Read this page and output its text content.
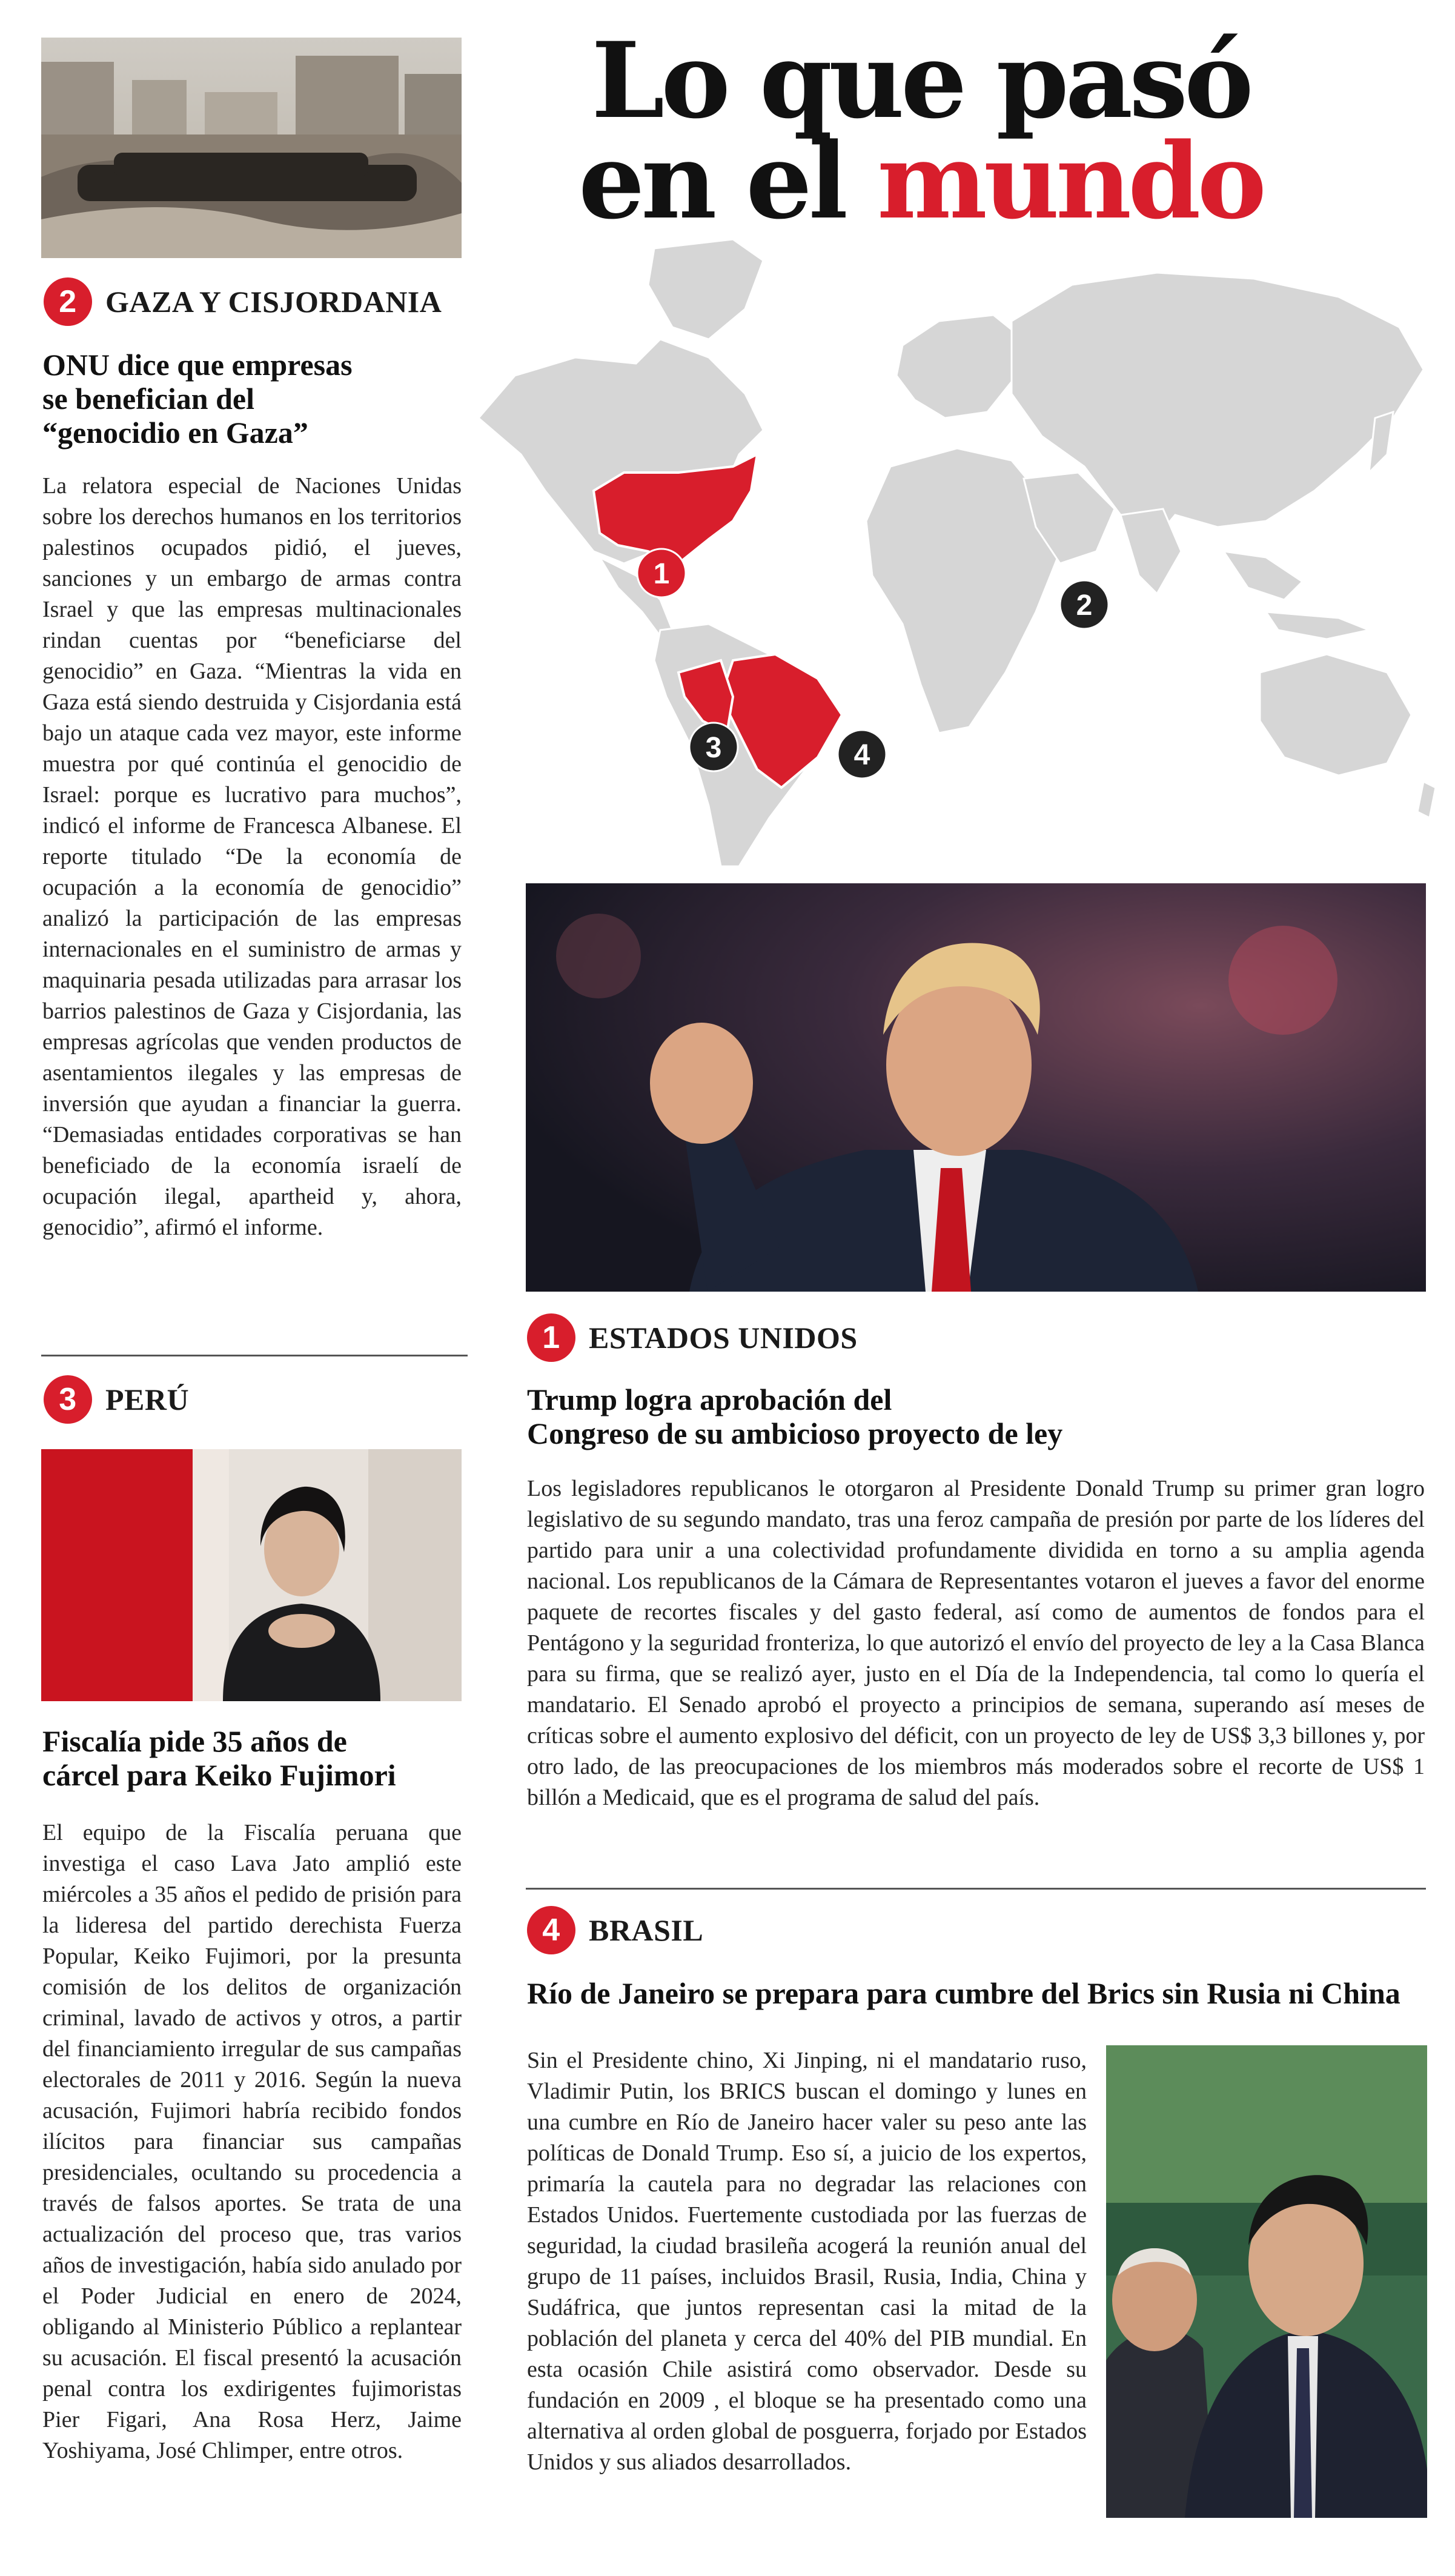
2 GAZA Y CISJORDANIA
ONU dice que empresas
se benefician del
“genocidio en Gaza”
La relatora especial de Naciones Unidas sobre los derechos humanos en los territorios palestinos ocupados pidió, el jueves, sanciones y un embargo de armas contra Israel y que las empresas multinacionales rindan cuentas por “beneficiarse del genocidio” en Gaza. “Mientras la vida en Gaza está siendo destruida y Cisjordania está bajo un ataque cada vez mayor, este informe muestra por qué continúa el genocidio de Israel: porque es lucrativo para muchos”, indicó el informe de Francesca Albanese. El reporte titulado “De la economía de ocupación a la economía de genocidio” analizó la participación de las empresas internacionales en el suministro de armas y maquinaria pesada utilizadas para arrasar los barrios palestinos de Gaza y Cisjordania, las empresas agrícolas que venden productos de asentamientos ilegales y las empresas de inversión que ayudan a financiar la guerra. “Demasiadas entidades corporativas se han beneficiado de la economía israelí de ocupación ilegal, apartheid y, ahora, genocidio”, afirmó el informe.
3 PERÚ
Fiscalía pide 35 años de
cárcel para Keiko Fujimori
El equipo de la Fiscalía peruana que investiga el caso Lava Jato amplió este miércoles a 35 años el pedido de prisión para la lideresa del partido derechista Fuerza Popular, Keiko Fujimori, por la presunta comisión de los delitos de organización criminal, lavado de activos y otros, a partir del financiamiento irregular de sus campañas electorales de 2011 y 2016. Según la nueva acusación, Fujimori habría recibido fondos ilícitos para financiar sus campañas presidenciales, ocultando su procedencia a través de falsos aportes. Se trata de una actualización del proceso que, tras varios años de investigación, había sido anulado por el Poder Judicial en enero de 2024, obligando al Ministerio Público a replantear su acusación. El fiscal presentó la acusación penal contra los exdirigentes fujimoristas Pier Figari, Ana Rosa Herz, Jaime Yoshiyama, José Chlimper, entre otros.
Lo que pasó
en el mundo
1
2
3	4
1 ESTADOS UNIDOS
Trump logra aprobación del
Congreso de su ambicioso proyecto de ley
Los legisladores republicanos le otorgaron al Presidente Donald Trump su primer gran logro legislativo de su segundo mandato, tras una feroz campaña de presión por parte de los líderes del partido para unir a una colectividad profundamente dividida en torno a su amplia agenda nacional. Los republicanos de la Cámara de Representantes votaron el jueves a favor del enorme paquete de recortes fiscales y del gasto federal, así como de aumentos de fondos para el Pentágono y la seguridad fronteriza, lo que autorizó el envío del proyecto de ley a la Casa Blanca para su firma, que se realizó ayer, justo en el Día de la Independencia, tal como lo quería el mandatario. El Senado aprobó el proyecto a principios de semana, superando así meses de críticas sobre el aumento explosivo del déficit, con un proyecto de ley de US$ 3,3 billones y, por otro lado, de las preocupaciones de los miembros más moderados sobre el recorte de US$ 1 billón a Medicaid, que es el programa de salud del país.
4 BRASIL
Río de Janeiro se prepara para cumbre del Brics sin Rusia ni China
Sin el Presidente chino, Xi Jinping, ni el mandatario ruso, Vladimir Putin, los BRICS buscan el domingo y lunes en una cumbre en Río de Janeiro hacer valer su peso ante las políticas de Donald Trump. Eso sí, a juicio de los expertos, primaría la cautela para no degradar las relaciones con Estados Unidos. Fuertemente custodiada por las fuerzas de seguridad, la ciudad brasileña acogerá la reunión anual del grupo de 11 países, incluidos Brasil, Rusia, India, China y Sudáfrica, que juntos representan casi la mitad de la población del planeta y cerca del 40% del PIB mundial. En esta ocasión Chile asistirá como observador. Desde su fundación en 2009 , el bloque se ha presentado como una alternativa al orden global de posguerra, forjado por Estados Unidos y sus aliados desarrollados.
